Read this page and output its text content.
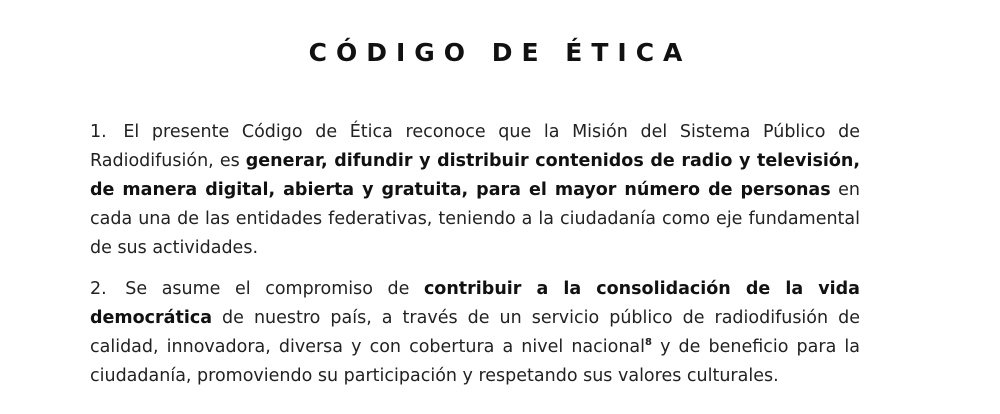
CÓDIGO DE ÉTICA

1. El presente Código de Ética reconoce que la Misión del Sistema Público de Radiodifusión, es generar, difundir y distribuir contenidos de radio y televisión, de manera digital, abierta y gratuita, para el mayor número de personas en cada una de las entidades federativas, teniendo a la ciudadanía como eje fundamental de sus actividades.

2. Se asume el compromiso de contribuir a la consolidación de la vida democrática de nuestro país, a través de un servicio público de radiodifusión de calidad, innovadora, diversa y con cobertura a nivel nacional$^8$ y de beneficio para la ciudadanía, promoviendo su participación y respetando sus valores culturales.
